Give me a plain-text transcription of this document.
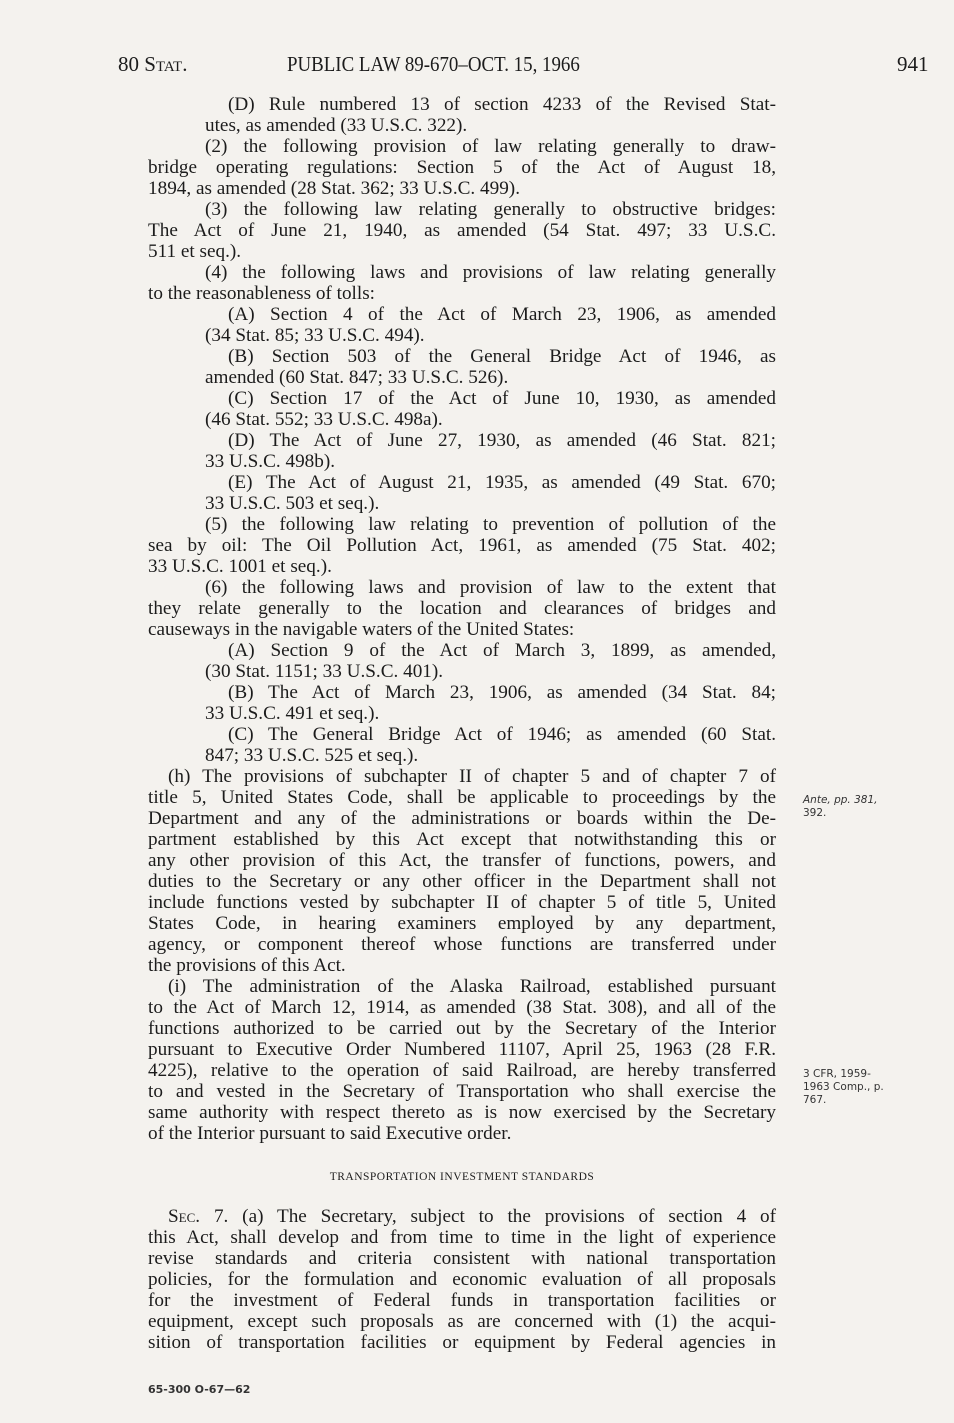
80 Stat.	PUBLIC LAW 89-670–OCT. 15, 1966	941
(D) Rule numbered 13 of section 4233 of the Revised Stat-
utes, as amended (33 U.S.C. 322).
(2) the following provision of law relating generally to draw-
bridge operating regulations: Section 5 of the Act of August 18,
1894, as amended (28 Stat. 362; 33 U.S.C. 499).
(3) the following law relating generally to obstructive bridges:
The Act of June 21, 1940, as amended (54 Stat. 497; 33 U.S.C.
511 et seq.).
(4) the following laws and provisions of law relating generally
to the reasonableness of tolls:
(A) Section 4 of the Act of March 23, 1906, as amended
(34 Stat. 85; 33 U.S.C. 494).
(B) Section 503 of the General Bridge Act of 1946, as
amended (60 Stat. 847; 33 U.S.C. 526).
(C) Section 17 of the Act of June 10, 1930, as amended
(46 Stat. 552; 33 U.S.C. 498a).
(D) The Act of June 27, 1930, as amended (46 Stat. 821;
33 U.S.C. 498b).
(E) The Act of August 21, 1935, as amended (49 Stat. 670;
33 U.S.C. 503 et seq.).
(5) the following law relating to prevention of pollution of the
sea by oil: The Oil Pollution Act, 1961, as amended (75 Stat. 402;
33 U.S.C. 1001 et seq.).
(6) the following laws and provision of law to the extent that
they relate generally to the location and clearances of bridges and
causeways in the navigable waters of the United States:
(A) Section 9 of the Act of March 3, 1899, as amended,
(30 Stat. 1151; 33 U.S.C. 401).
(B) The Act of March 23, 1906, as amended (34 Stat. 84;
33 U.S.C. 491 et seq.).
(C) The General Bridge Act of 1946; as amended (60 Stat.
847; 33 U.S.C. 525 et seq.).
(h) The provisions of subchapter II of chapter 5 and of chapter 7 of
title 5, United States Code, shall be applicable to proceedings by the
Department and any of the administrations or boards within the De-
partment established by this Act except that notwithstanding this or
any other provision of this Act, the transfer of functions, powers, and
duties to the Secretary or any other officer in the Department shall not
include functions vested by subchapter II of chapter 5 of title 5, United
States Code, in hearing examiners employed by any department,
agency, or component thereof whose functions are transferred under
the provisions of this Act.
(i) The administration of the Alaska Railroad, established pursuant
to the Act of March 12, 1914, as amended (38 Stat. 308), and all of the
functions authorized to be carried out by the Secretary of the Interior
pursuant to Executive Order Numbered 11107, April 25, 1963 (28 F.R.
4225), relative to the operation of said Railroad, are hereby transferred
to and vested in the Secretary of Transportation who shall exercise the
same authority with respect thereto as is now exercised by the Secretary
of the Interior pursuant to said Executive order.
TRANSPORTATION INVESTMENT STANDARDS
Sec. 7. (a) The Secretary, subject to the provisions of section 4 of
this Act, shall develop and from time to time in the light of experience
revise standards and criteria consistent with national transportation
policies, for the formulation and economic evaluation of all proposals
for the investment of Federal funds in transportation facilities or
equipment, except such proposals as are concerned with (1) the acqui-
sition of transportation facilities or equipment by Federal agencies in
Ante, pp. 381,
392.
3 CFR, 1959-
1963 Comp., p.
767.
65-300 O-67—62
